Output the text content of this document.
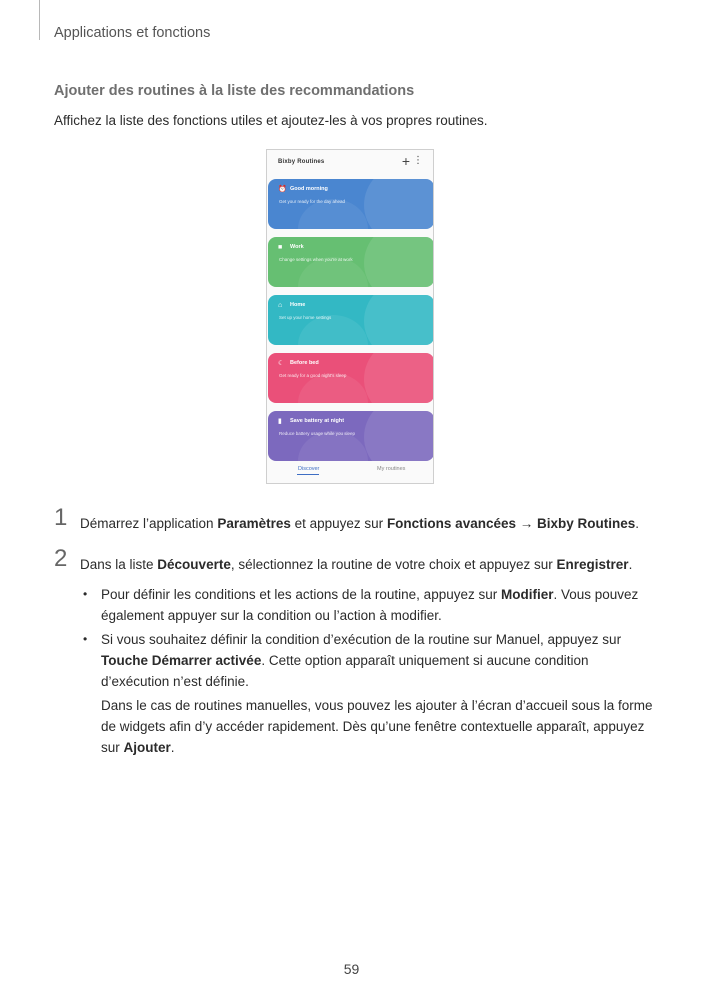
Applications et fonctions
Ajouter des routines à la liste des recommandations
Affichez la liste des fonctions utiles et ajoutez-les à vos propres routines.
Bixby Routines	+ ⋮
⏰ Good morning
Get your ready for the day ahead
■ Work
Change settings when you're at work
⌂ Home
Set up your home settings
☾ Before bed
Get ready for a good night's sleep
▮ Save battery at night
Reduce battery usage while you sleep
Discover	My routines
1 Démarrez l’application Paramètres et appuyez sur Fonctions avancées → Bixby Routines.
2 Dans la liste Découverte, sélectionnez la routine de votre choix et appuyez sur Enregistrer.
• Pour définir les conditions et les actions de la routine, appuyez sur Modifier. Vous pouvez également appuyer sur la condition ou l’action à modifier.
• Si vous souhaitez définir la condition d’exécution de la routine sur Manuel, appuyez sur Touche Démarrer activée. Cette option apparaît uniquement si aucune condition d’exécution n’est définie.
Dans le cas de routines manuelles, vous pouvez les ajouter à l’écran d’accueil sous la forme de widgets afin d’y accéder rapidement. Dès qu’une fenêtre contextuelle apparaît, appuyez sur Ajouter.
59
